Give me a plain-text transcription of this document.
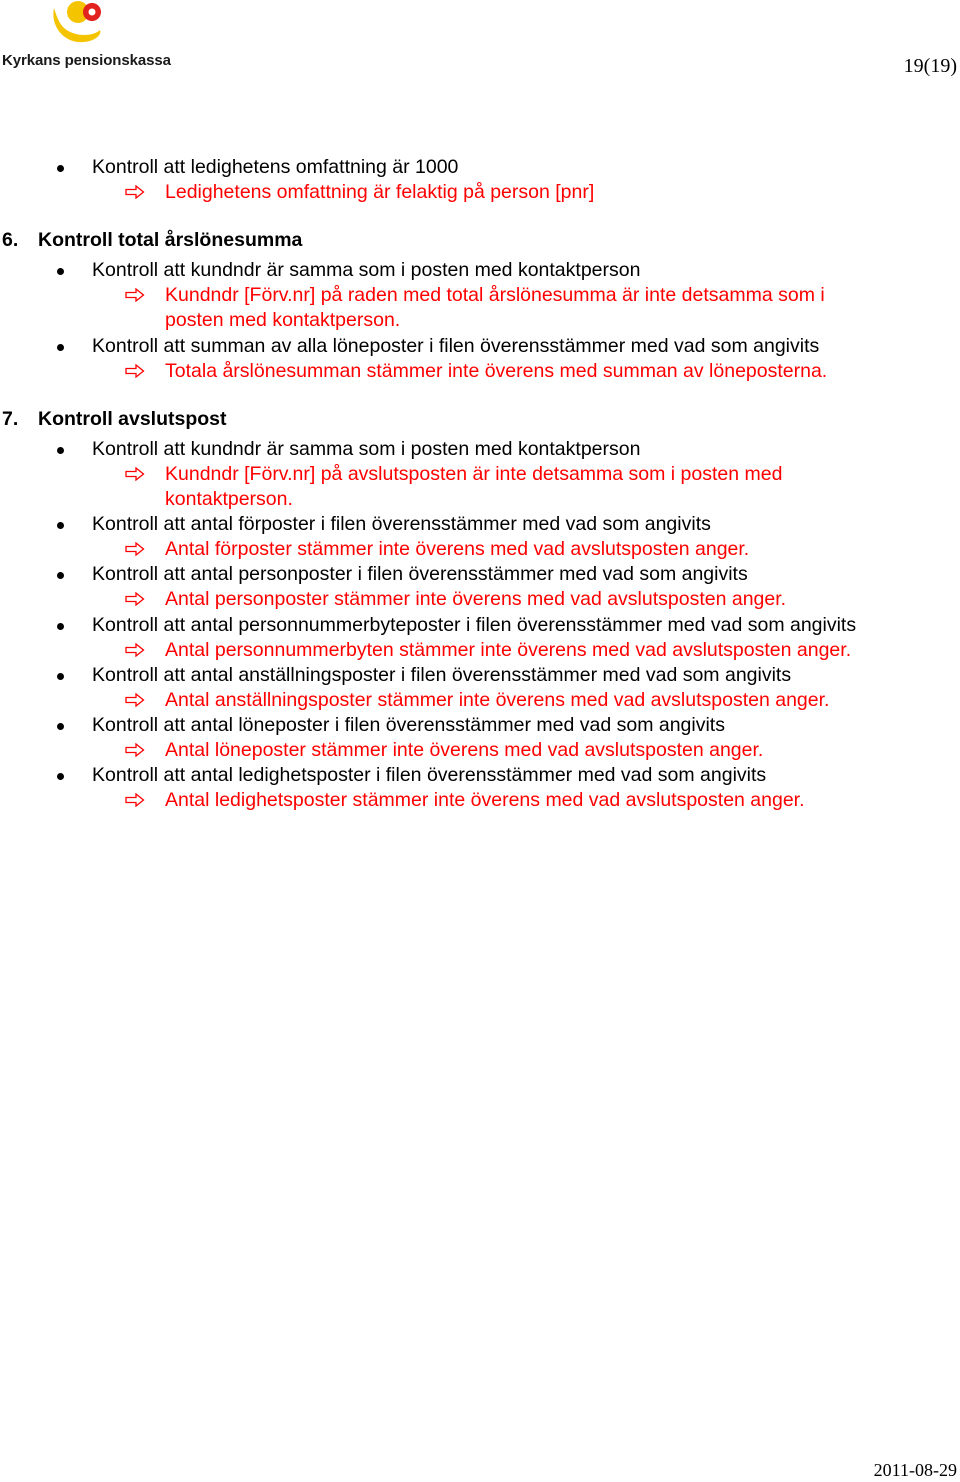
Kyrkans pensionskassa	19(19)
Kontroll att ledighetens omfattning är 1000
Ledighetens omfattning är felaktig på person [pnr]
6. Kontroll total årslönesumma
Kontroll att kundndr är samma som i posten med kontaktperson
Kundndr [Förv.nr] på raden med total årslönesumma är inte detsamma som i
posten med kontaktperson.
Kontroll att summan av alla löneposter i filen överensstämmer med vad som angivits
Totala årslönesumman stämmer inte överens med summan av löneposterna.
7. Kontroll avslutspost
Kontroll att kundndr är samma som i posten med kontaktperson
Kundndr [Förv.nr] på avslutsposten är inte detsamma som i posten med
kontaktperson.
Kontroll att antal förposter i filen överensstämmer med vad som angivits
Antal förposter stämmer inte överens med vad avslutsposten anger.
Kontroll att antal personposter i filen överensstämmer med vad som angivits
Antal personposter stämmer inte överens med vad avslutsposten anger.
Kontroll att antal personnummerbyteposter i filen överensstämmer med vad som angivits
Antal personnummerbyten stämmer inte överens med vad avslutsposten anger.
Kontroll att antal anställningsposter i filen överensstämmer med vad som angivits
Antal anställningsposter stämmer inte överens med vad avslutsposten anger.
Kontroll att antal löneposter i filen överensstämmer med vad som angivits
Antal löneposter stämmer inte överens med vad avslutsposten anger.
Kontroll att antal ledighetsposter i filen överensstämmer med vad som angivits
Antal ledighetsposter stämmer inte överens med vad avslutsposten anger.
2011-08-29
